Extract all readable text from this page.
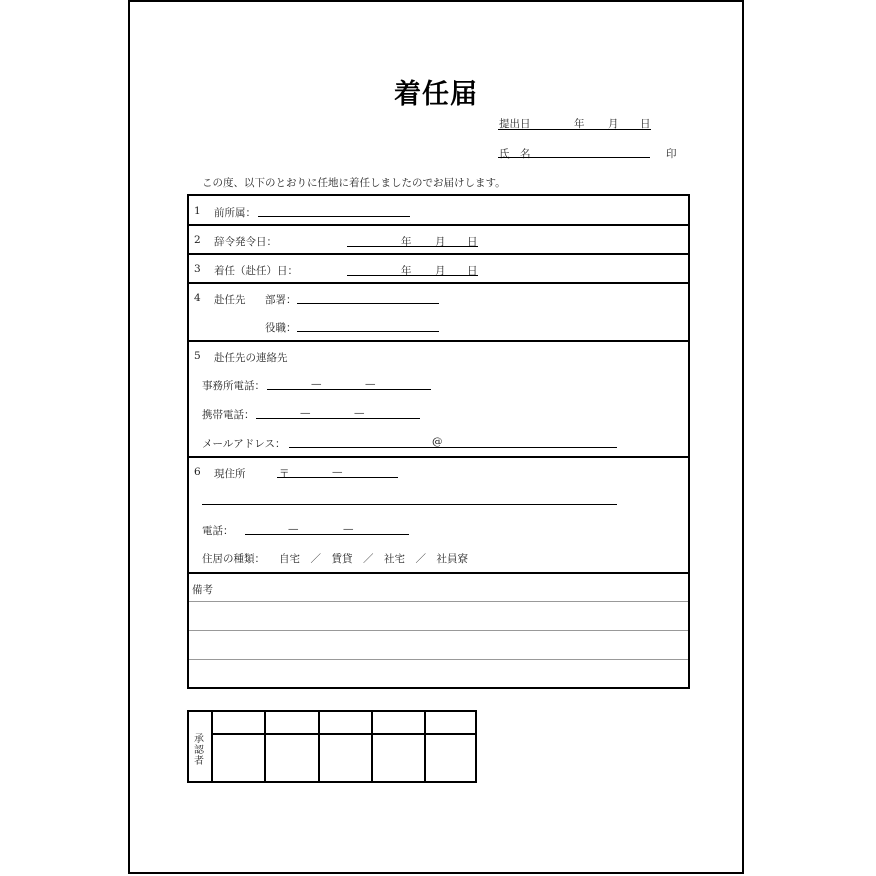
着任届
提出日	年 月 日
氏　名	印
この度、以下のとおりに任地に着任しましたのでお届けします。
1 前所属：
2 辞令発令日：	年 月 日
3 着任（赴任）日：	年 月 日
4 赴任先 部署：
役職：
5 赴任先の連絡先
事務所電話：	—	—
携帯電話：	—	—
メールアドレス：	@
6 現住所	〒	—
電話：	—	—
住居の種類： 自宅　／　賃貸　／　社宅　／　社員寮
備考
承認者
